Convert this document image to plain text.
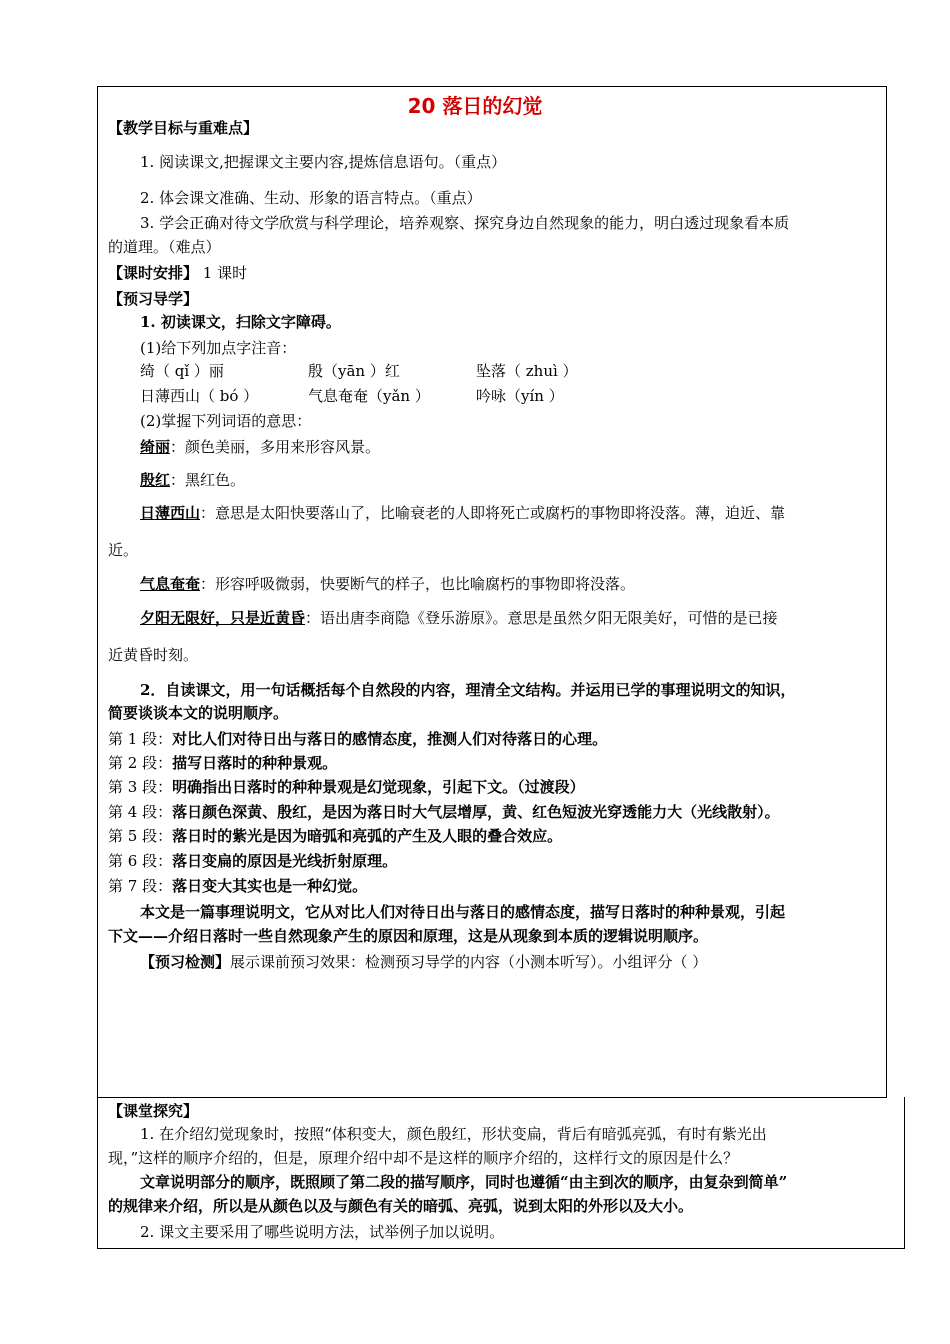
20 落日的幻觉
【教学目标与重难点】
1. 阅读课文,把握课文主要内容,提炼信息语句。（重点）
2. 体会课文准确、生动、形象的语言特点。（重点）
3. 学会正确对待文学欣赏与科学理论，培养观察、探究身边自然现象的能力，明白透过现象看本质
的道理。（难点）
【课时安排】 1 课时
【预习导学】
1. 初读课文，扫除文字障碍。
(1)给下列加点字注音：
绮（ qǐ ）丽	殷（yān ）红	坠落（ zhuì ）
日薄西山（ bó ）	气息奄奄（yǎn ）	吟咏（yín ）
(2)掌握下列词语的意思：
绮丽：颜色美丽，多用来形容风景。
殷红：黑红色。
日薄西山：意思是太阳快要落山了，比喻衰老的人即将死亡或腐朽的事物即将没落。薄，迫近、靠
近。
气息奄奄：形容呼吸微弱，快要断气的样子，也比喻腐朽的事物即将没落。
夕阳无限好，只是近黄昏：语出唐李商隐《登乐游原》。意思是虽然夕阳无限美好，可惜的是已接
近黄昏时刻。
2．自读课文，用一句话概括每个自然段的内容，理清全文结构。并运用已学的事理说明文的知识，
简要谈谈本文的说明顺序。
第 1 段：对比人们对待日出与落日的感情态度，推测人们对待落日的心理。
第 2 段：描写日落时的种种景观。
第 3 段：明确指出日落时的种种景观是幻觉现象，引起下文。（过渡段）
第 4 段：落日颜色深黄、殷红，是因为落日时大气层增厚，黄、红色短波光穿透能力大（光线散射）。
第 5 段：落日时的紫光是因为暗弧和亮弧的产生及人眼的叠合效应。
第 6 段：落日变扁的原因是光线折射原理。
第 7 段：落日变大其实也是一种幻觉。
本文是一篇事理说明文，它从对比人们对待日出与落日的感情态度，描写日落时的种种景观，引起
下文——介绍日落时一些自然现象产生的原因和原理，这是从现象到本质的逻辑说明顺序。
【预习检测】展示课前预习效果：检测预习导学的内容（小测本听写）。小组评分（ ）
【课堂探究】
1. 在介绍幻觉现象时，按照“体积变大，颜色殷红，形状变扁，背后有暗弧亮弧，有时有紫光出
现，”这样的顺序介绍的，但是，原理介绍中却不是这样的顺序介绍的，这样行文的原因是什么？
文章说明部分的顺序，既照顾了第二段的描写顺序，同时也遵循“由主到次的顺序，由复杂到简单”
的规律来介绍，所以是从颜色以及与颜色有关的暗弧、亮弧，说到太阳的外形以及大小。
2. 课文主要采用了哪些说明方法，试举例子加以说明。
